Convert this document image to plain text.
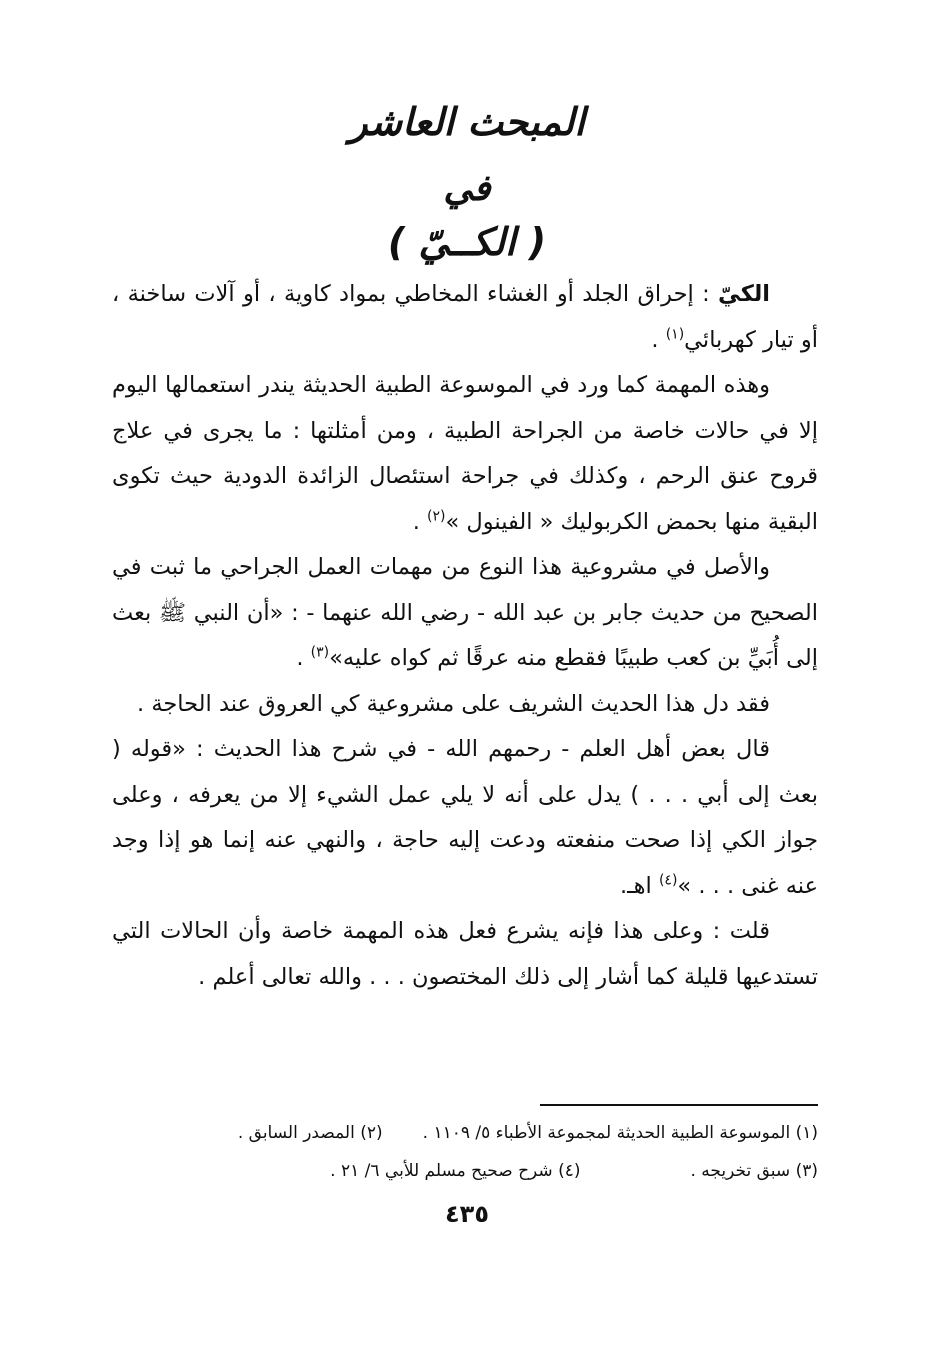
المبحث العاشر
في
( الكــيّ )

الكيّ : إحراق الجلد أو الغشاء المخاطي بمواد كاوية ، أو آلات ساخنة ، أو تيار كهربائي$^{(١)}$ .

وهذه المهمة كما ورد في الموسوعة الطبية الحديثة يندر استعمالها اليوم إلا في حالات خاصة من الجراحة الطبية ، ومن أمثلتها : ما يجرى في علاج قروح عنق الرحم ، وكذلك في جراحة استئصال الزائدة الدودية حيث تكوى البقية منها بحمض الكربوليك « الفينول »$^{(٢)}$ .

والأصل في مشروعية هذا النوع من مهمات العمل الجراحي ما ثبت في الصحيح من حديث جابر بن عبد الله - رضي الله عنهما - : «أن النبي ﷺ بعث إلى أُبَيِّ بن كعب طبيبًا فقطع منه عرقًا ثم كواه عليه»$^{(٣)}$ .

فقد دل هذا الحديث الشريف على مشروعية كي العروق عند الحاجة .

قال بعض أهل العلم - رحمهم الله - في شرح هذا الحديث : «قوله ( بعث إلى أبي . . . ) يدل على أنه لا يلي عمل الشيء إلا من يعرفه ، وعلى جواز الكي إذا صحت منفعته ودعت إليه حاجة ، والنهي عنه إنما هو إذا وجد عنه غنى . . . »$^{(٤)}$ اهـ.

قلت : وعلى هذا فإنه يشرع فعل هذه المهمة خاصة وأن الحالات التي تستدعيها قليلة كما أشار إلى ذلك المختصون . . . والله تعالى أعلم .

(١) الموسوعة الطبية الحديثة لمجموعة الأطباء ٥/ ١١٠٩ .
(٢) المصدر السابق .
(٣) سبق تخريجه .
(٤) شرح صحيح مسلم للأبي ٦/ ٢١ .
٤٣٥
